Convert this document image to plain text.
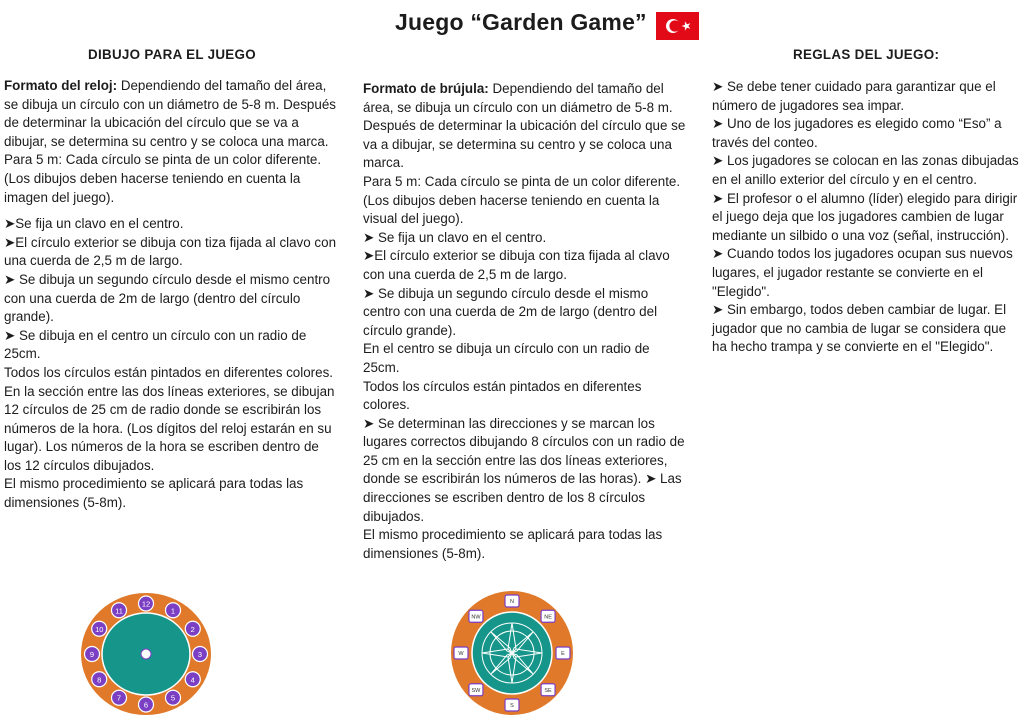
Juego “Garden Game”
DIBUJO PARA EL JUEGO

Formato del reloj: Dependiendo del tamaño del área, se dibuja un círculo con un diámetro de 5-8 m. Después de determinar la ubicación del círculo que se va a dibujar, se determina su centro y se coloca una marca.

Para 5 m: Cada círculo se pinta de un color diferente. (Los dibujos deben hacerse teniendo en cuenta la imagen del juego).

➤Se fija un clavo en el centro.

➤El círculo exterior se dibuja con tiza fijada al clavo con una cuerda de 2,5 m de largo.

➤ Se dibuja un segundo círculo desde el mismo centro con una cuerda de 2m de largo (dentro del círculo grande).

➤ Se dibuja en el centro un círculo con un radio de 25cm.

Todos los círculos están pintados en diferentes colores.

En la sección entre las dos líneas exteriores, se dibujan 12 círculos de 25 cm de radio donde se escribirán los números de la hora. (Los dígitos del reloj estarán en su lugar). Los números de la hora se escriben dentro de los 12 círculos dibujados.

El mismo procedimiento se aplicará para todas las dimensiones (5-8m).

Formato de brújula: Dependiendo del tamaño del área, se dibuja un círculo con un diámetro de 5-8 m.

Después de determinar la ubicación del círculo que se va a dibujar, se determina su centro y se coloca una marca.

Para 5 m: Cada círculo se pinta de un color diferente. (Los dibujos deben hacerse teniendo en cuenta la visual del juego).

➤ Se fija un clavo en el centro.

➤El círculo exterior se dibuja con tiza fijada al clavo con una cuerda de 2,5 m de largo.

➤ Se dibuja un segundo círculo desde el mismo centro con una cuerda de 2m de largo (dentro del círculo grande).

En el centro se dibuja un círculo con un radio de 25cm.

Todos los círculos están pintados en diferentes colores.

➤ Se determinan las direcciones y se marcan los lugares correctos dibujando 8 círculos con un radio de 25 cm en la sección entre las dos líneas exteriores, donde se escribirán los números de las horas). ➤ Las direcciones se escriben dentro de los 8 círculos dibujados.

El mismo procedimiento se aplicará para todas las dimensiones (5-8m).

REGLAS DEL JUEGO:

➤ Se debe tener cuidado para garantizar que el número de jugadores sea impar.

➤ Uno de los jugadores es elegido como “Eso” a través del conteo.

➤ Los jugadores se colocan en las zonas dibujadas en el anillo exterior del círculo y en el centro.

➤ El profesor o el alumno (líder) elegido para dirigir el juego deja que los jugadores cambien de lugar mediante un silbido o una voz (señal, instrucción).

➤ Cuando todos los jugadores ocupan sus nuevos lugares, el jugador restante se convierte en el "Elegido".

➤ Sin embargo, todos deben cambiar de lugar. El jugador que no cambia de lugar se considera que ha hecho trampa y se convierte en el "Elegido".

12
1
2
3
4
5
6
7
8
9
10
11
N
NE
E
SE
S
SW
W
NW
